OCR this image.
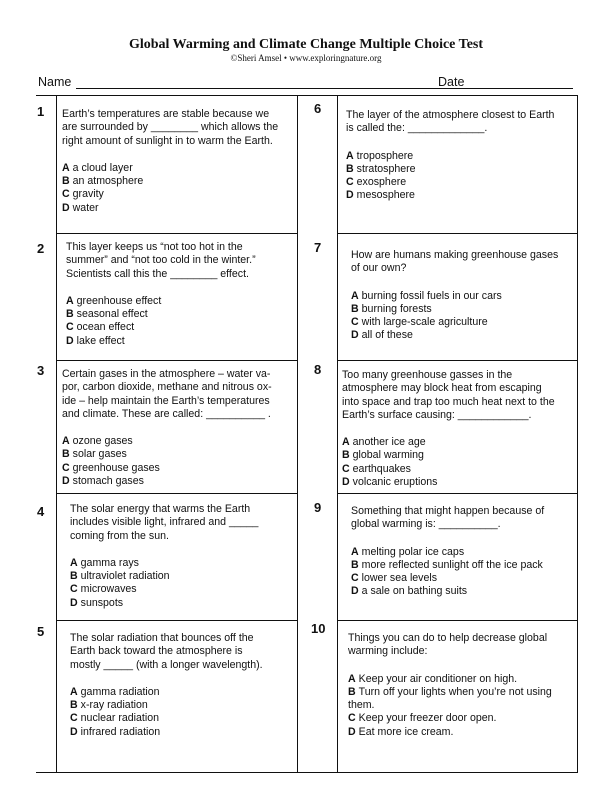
Global Warming and Climate Change Multiple Choice Test
©Sheri Amsel • www.exploringnature.org
Name	Date
1 Earth’s temperatures are stable because we
are surrounded by ________ which allows the
right amount of sunlight in to warm the Earth.
A a cloud layer
B an atmosphere
C gravity
D water
2 This layer keeps us “not too hot in the
summer” and “not too cold in the winter.”
Scientists call this the ________ effect.
A greenhouse effect
B seasonal effect
C ocean effect
D lake effect
3 Certain gases in the atmosphere – water va-
por, carbon dioxide, methane and nitrous ox-
ide – help maintain the Earth’s temperatures
and climate. These are called: __________ .
A ozone gases
B solar gases
C greenhouse gases
D stomach gases
4 The solar energy that warms the Earth
includes visible light, infrared and _____
coming from the sun.
A gamma rays
B ultraviolet radiation
C microwaves
D sunspots
5 The solar radiation that bounces off the
Earth back toward the atmosphere is
mostly _____ (with a longer wavelength).
A gamma radiation
B x-ray radiation
C nuclear radiation
D infrared radiation
6 The layer of the atmosphere closest to Earth
is called the: _____________.
A troposphere
B stratosphere
C exosphere
D mesosphere
7	How are humans making greenhouse gases
of our own?
A burning fossil fuels in our cars
B burning forests
C with large-scale agriculture
D all of these
8 Too many greenhouse gasses in the
atmosphere may block heat from escaping
into space and trap too much heat next to the
Earth’s surface causing: ____________.
A another ice age
B global warming
C earthquakes
D volcanic eruptions
9	Something that might happen because of
global warming is: __________.
A melting polar ice caps
B more reflected sunlight off the ice pack
C lower sea levels
D a sale on bathing suits
10
Things you can do to help decrease global
warming include:
A Keep your air conditioner on high.
B Turn off your lights when you’re not using
them.
C Keep your freezer door open.
D Eat more ice cream.
